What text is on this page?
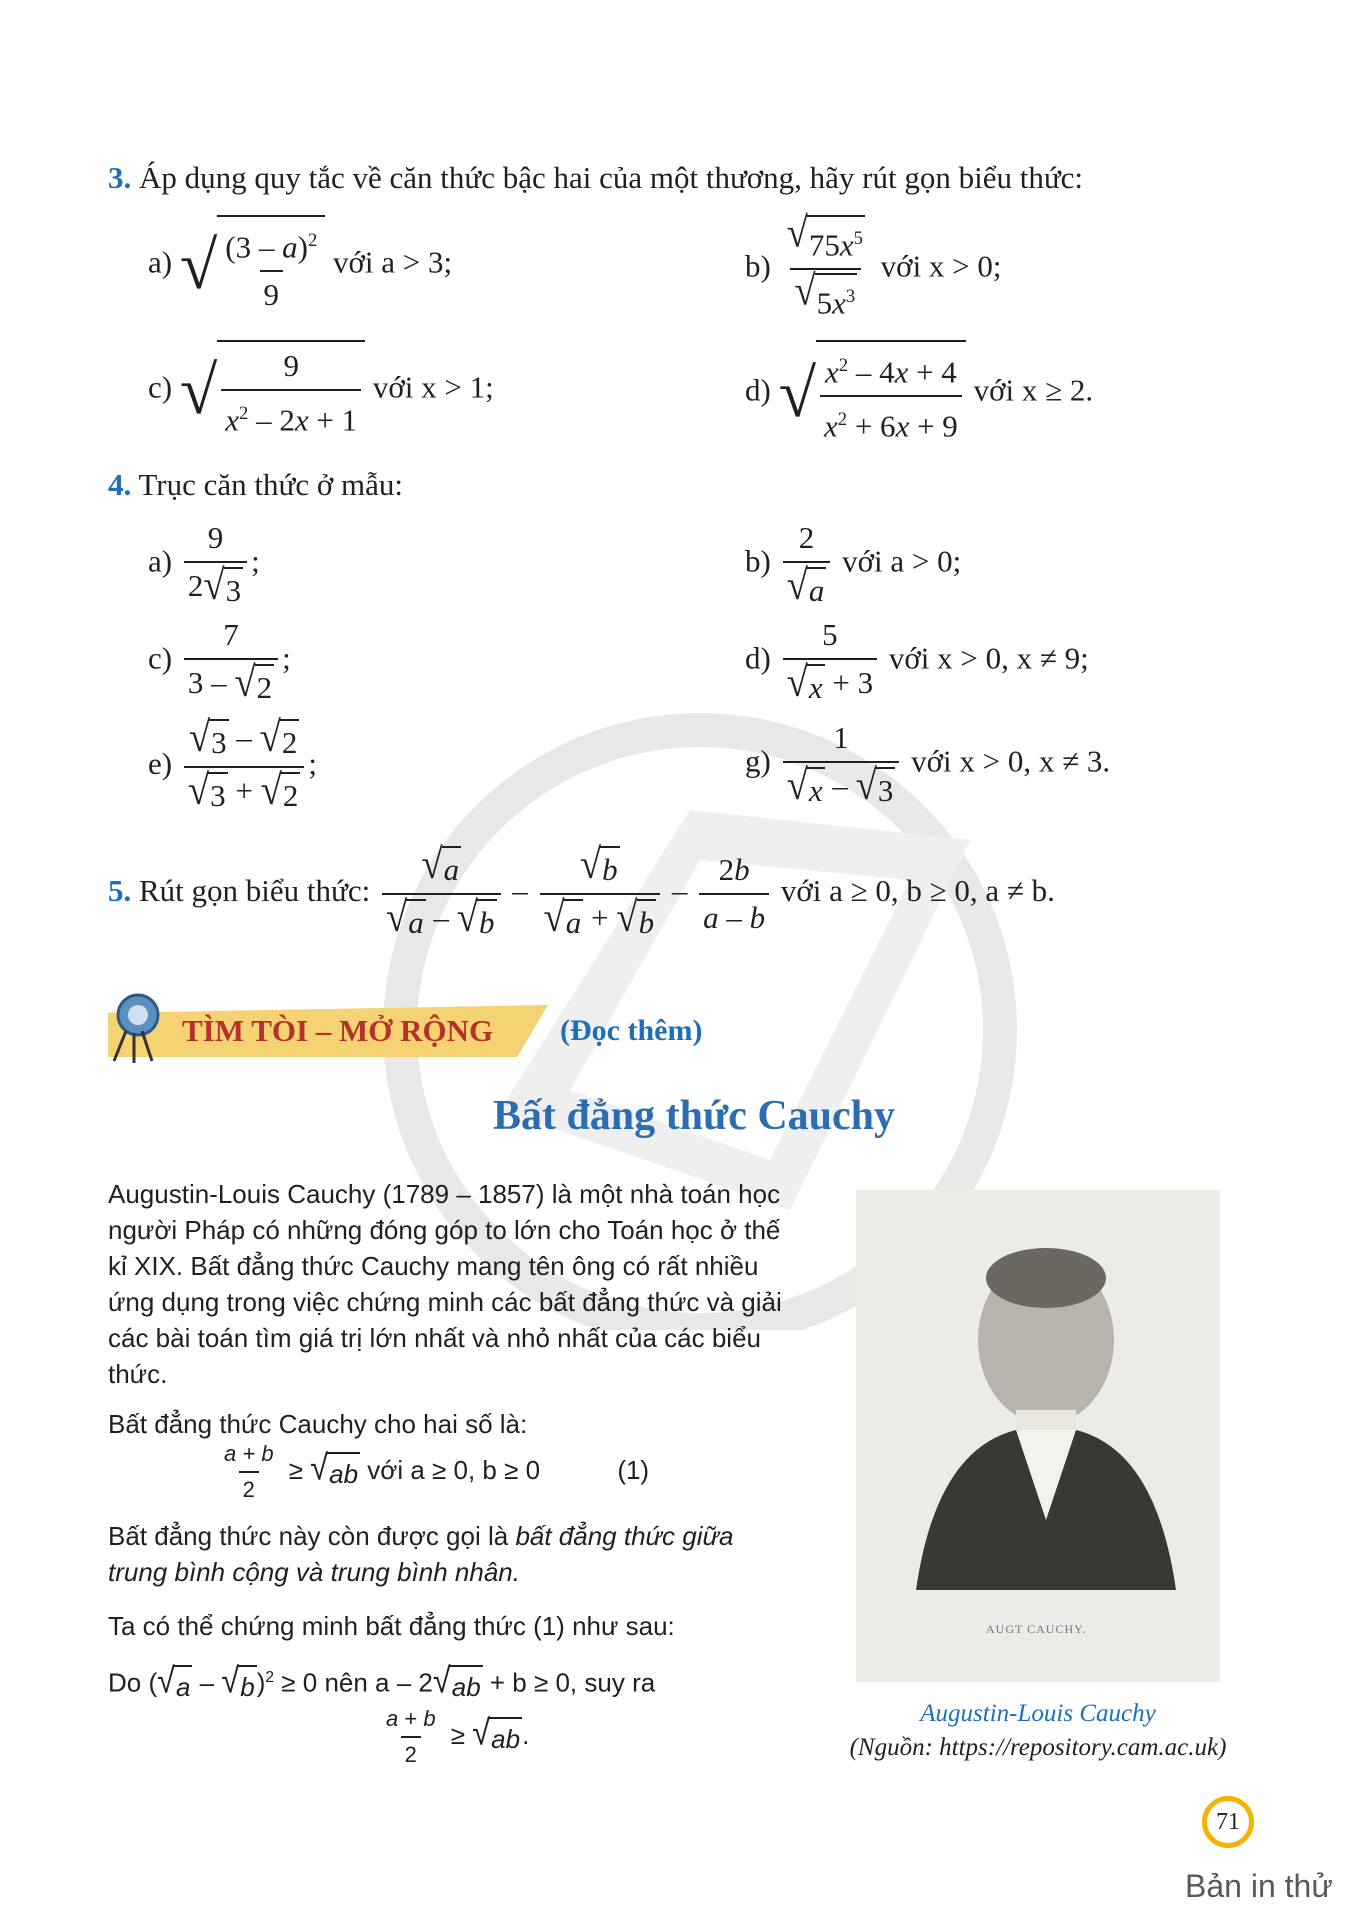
3. Áp dụng quy tắc về căn thức bậc hai của một thương, hãy rút gọn biểu thức:
a) √ $\frac{(3 - a)^2}{9}$ với a > 3;	$b) \frac{√ 75x^5}{√ 5x^3}$ với x > 0;
c) √ $\frac{9}{x^2 - 2x + 1}$ với x > 1;	d) √ $\frac{x^2 - 4x + 4}{x^2 + 6x + 9}$ với x ≥ 2.
4. Trục căn thức ở mẫu:
$a) \frac{9}{2 √ 3}$ ;	$b) \frac{2}{√ a}$ với a > 0;
$c) \frac{7}{3 - √ 2}$ ;	$d) \frac{5}{√ x + 3}$ với x > 0, x ≠ 9;
$e) \frac{√ 3 - √ 2}{√ 3 + √ 2}$ ;	$g) \frac{1}{√ x - √ 3}$ với x > 0, x ≠ 3.
5. Rút gọn biểu thức: $\frac{√ a}{√ a - √ b} - \frac{√ b}{√ a + √ b} - \frac{2b}{a - b}$ với a ≥ 0, b ≥ 0, a ≠ b.
TÌM TÒI – MỞ RỘNG (Đọc thêm)
Bất đẳng thức Cauchy
Augustin-Louis Cauchy (1789 – 1857) là một nhà toán học người Pháp có những đóng góp to lớn cho Toán học ở thế kỉ XIX. Bất đẳng thức Cauchy mang tên ông có rất nhiều ứng dụng trong việc chứng minh các bất đẳng thức và giải các bài toán tìm giá trị lớn nhất và nhỏ nhất của các biểu thức.
Bất đẳng thức Cauchy cho hai số là:
$\frac{a + b}{2}$ ≥ √ ab với a ≥ 0, b ≥ 0	(1)
Bất đẳng thức này còn được gọi là bất đẳng thức giữa trung bình cộng và trung bình nhân.
Ta có thể chứng minh bất đẳng thức (1) như sau:
Do ( √ a – √ b )$^2$ ≥ 0 nên a – 2 √ ab + b ≥ 0, suy ra
$\frac{a + b}{2}$ ≥ √ ab .
AUGT CAUCHY.
Augustin-Louis Cauchy
(Nguồn: https://repository.cam.ac.uk)
71
Bản in thử
